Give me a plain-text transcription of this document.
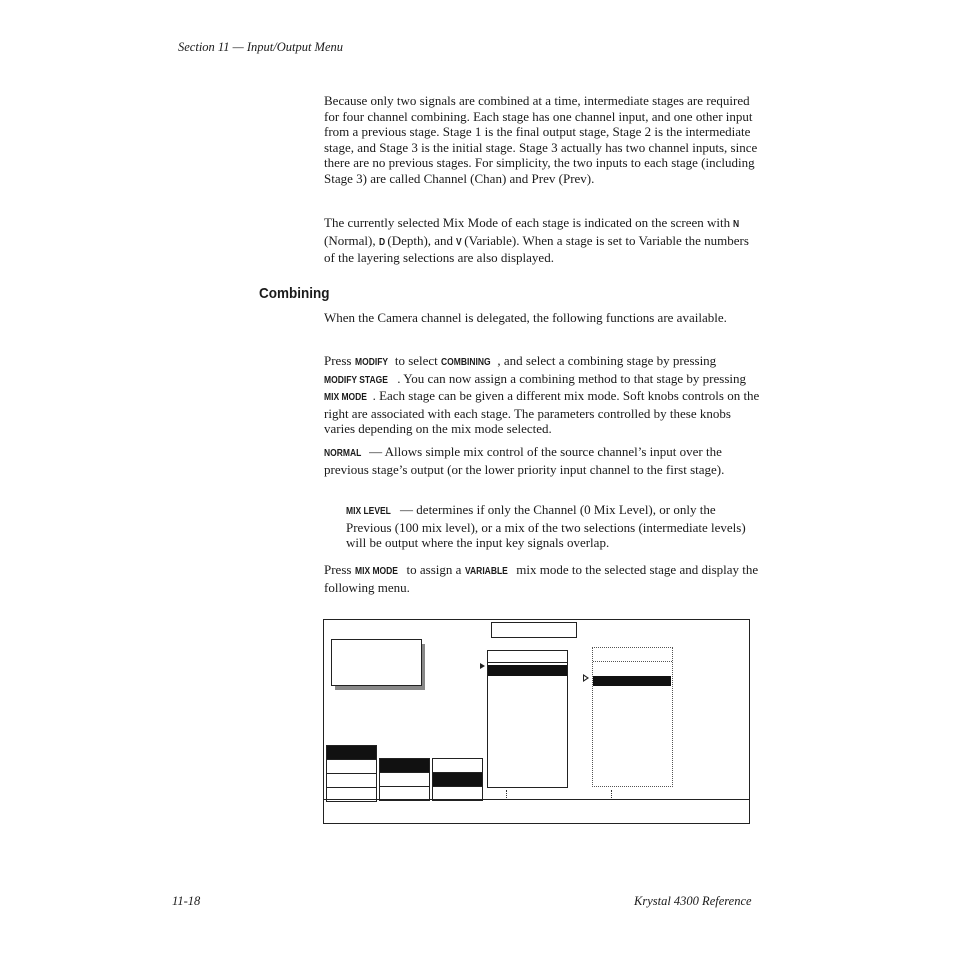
Section 11 — Input/Output Menu

Because only two signals are combined at a time, intermediate stages are required for four channel combining. Each stage has one channel input, and one other input from a previous stage. Stage 1 is the final output stage, Stage 2 is the intermediate stage, and Stage 3 is the initial stage. Stage 3 actually has two channel inputs, since there are no previous stages. For simplicity, the two inputs to each stage (including Stage 3) are called Channel (Chan) and Prev (Prev).

The currently selected Mix Mode of each stage is indicated on the screen with N (Normal), D (Depth), and V (Variable). When a stage is set to Variable the numbers of the layering selections are also displayed.

Combining

When the Camera channel is delegated, the following functions are available.

Press MODIFY to select COMBINING , and select a combining stage by pressing MODIFY STAGE . You can now assign a combining method to that stage by pressing MIX MODE . Each stage can be given a different mix mode. Soft knobs controls on the right are associated with each stage. The parameters controlled by these knobs varies depending on the mix mode selected.

NORMAL — Allows simple mix control of the source channel’s input over the previous stage’s output (or the lower priority input channel to the first stage).

MIX LEVEL — determines if only the Channel (0 Mix Level), or only the Previous (100 mix level), or a mix of the two selections (intermediate levels) will be output where the input key signals overlap.

Press MIX MODE to assign a VARIABLE mix mode to the selected stage and display the following menu.

11-18	Krystal 4300 Reference
